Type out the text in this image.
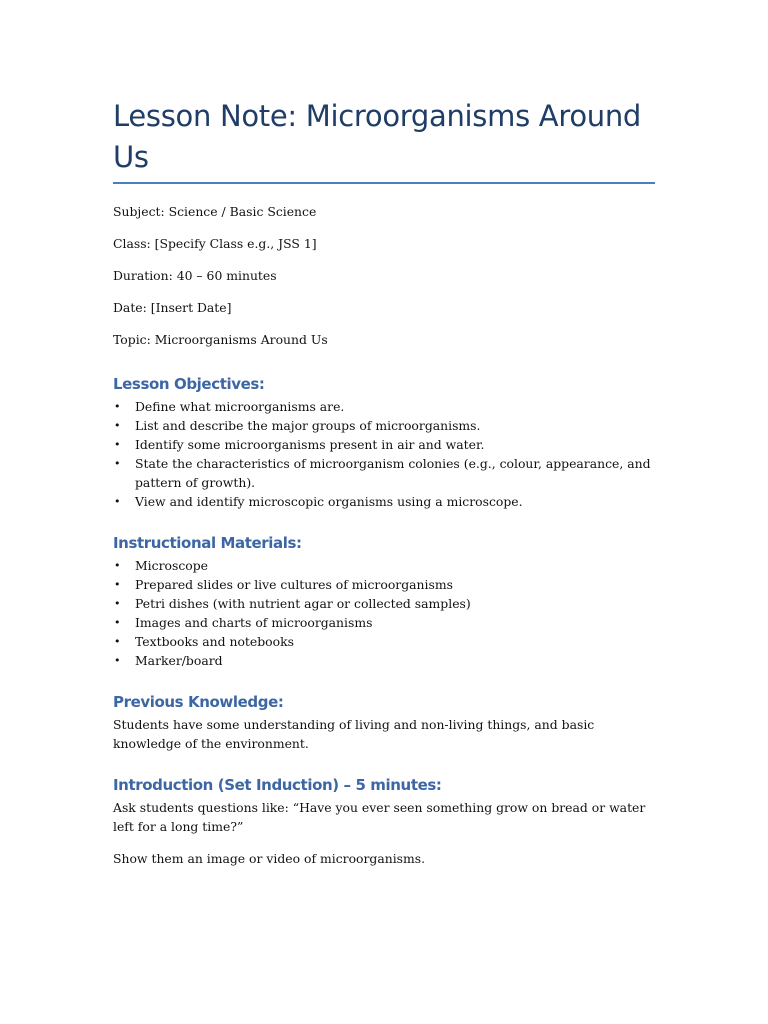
Lesson Note: Microorganisms Around Us

Subject: Science / Basic Science

Class: [Specify Class e.g., JSS 1]

Duration: 40 – 60 minutes

Date: [Insert Date]

Topic: Microorganisms Around Us

Lesson Objectives:
• Define what microorganisms are.
• List and describe the major groups of microorganisms.
• Identify some microorganisms present in air and water.
• State the characteristics of microorganism colonies (e.g., colour, appearance, and pattern of growth).
• View and identify microscopic organisms using a microscope.
Instructional Materials:
• Microscope
• Prepared slides or live cultures of microorganisms
• Petri dishes (with nutrient agar or collected samples)
• Images and charts of microorganisms
• Textbooks and notebooks
• Marker/board
Previous Knowledge:

Students have some understanding of living and non-living things, and basic knowledge of the environment.

Introduction (Set Induction) – 5 minutes:

Ask students questions like: “Have you ever seen something grow on bread or water left for a long time?”

Show them an image or video of microorganisms.
